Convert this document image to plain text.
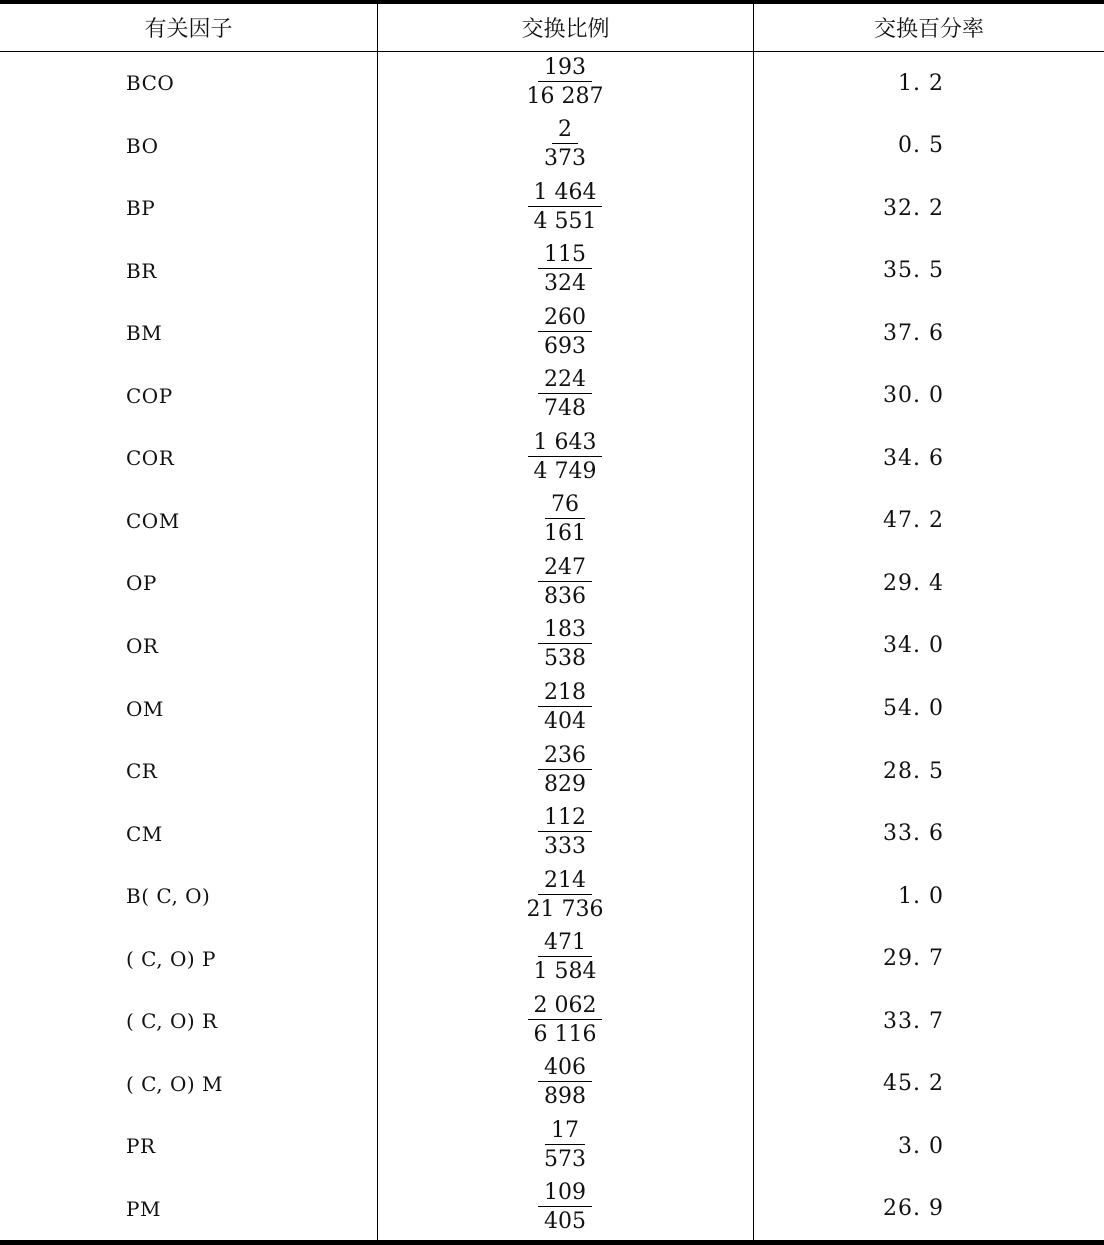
有关因子	交换比例	交换百分率
BCO	$\frac{193}{16 287}$	1. 2
BO	$\frac{2}{373}$	0. 5
BP	$\frac{1 464}{4 551}$	32. 2
BR	$\frac{115}{324}$	35. 5
BM	$\frac{260}{693}$	37. 6
COP	$\frac{224}{748}$	30. 0
COR	$\frac{1 643}{4 749}$	34. 6
COM	$\frac{76}{161}$	47. 2
OP	$\frac{247}{836}$	29. 4
OR	$\frac{183}{538}$	34. 0
OM	$\frac{218}{404}$	54. 0
CR	$\frac{236}{829}$	28. 5
CM	$\frac{112}{333}$	33. 6
B( C, O)	$\frac{214}{21 736}$	1. 0
( C, O) P	$\frac{471}{1 584}$	29. 7
( C, O) R	$\frac{2 062}{6 116}$	33. 7
( C, O) M	$\frac{406}{898}$	45. 2
PR	$\frac{17}{573}$	3. 0
PM	$\frac{109}{405}$	26. 9
